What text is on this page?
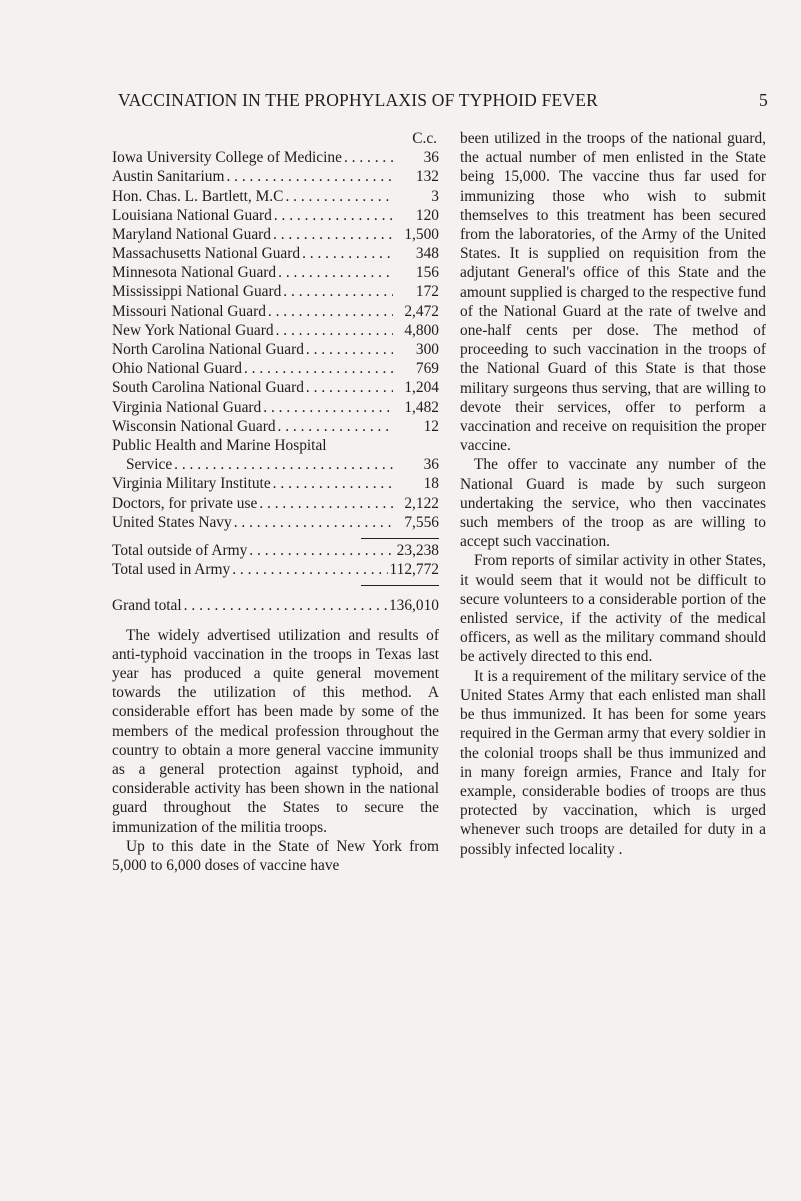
VACCINATION IN THE PROPHYLAXIS OF TYPHOID FEVER	5
C.c.
Iowa University College of Medicine . . .	36
Austin Sanitarium . . .	132
Hon. Chas. L. Bartlett, M.C . . .	3
Louisiana National Guard . . .	120
Maryland National Guard . . .	1,500
Massachusetts National Guard . . .	348
Minnesota National Guard . . .	156
Mississippi National Guard . . .	172
Missouri National Guard . . .	2,472
New York National Guard . . .	4,800
North Carolina National Guard . . .	300
Ohio National Guard . . .	769
South Carolina National Guard . . .	1,204
Virginia National Guard . . .	1,482
Wisconsin National Guard . . .	12
Public Health and Marine Hospital
Service . . .	36
Virginia Military Institute . . .	18
Doctors, for private use . . .	2,122
United States Navy . . .	7,556
Total outside of Army . . .	23,238
Total used in Army . . .	112,772
Grand total . . .	136,010

The widely advertised utilization and results of anti-typhoid vaccination in the troops in Texas last year has produced a quite general movement towards the utilization of this method. A considerable effort has been made by some of the members of the medical profession throughout the country to obtain a more general vaccine immunity as a general protection against typhoid, and considerable activity has been shown in the national guard throughout the States to secure the immunization of the militia troops.

Up to this date in the State of New York from 5,000 to 6,000 doses of vaccine have

been utilized in the troops of the national guard, the actual number of men enlisted in the State being 15,000. The vaccine thus far used for immunizing those who wish to submit themselves to this treatment has been secured from the laboratories, of the Army of the United States. It is supplied on requisition from the adjutant General's office of this State and the amount supplied is charged to the respective fund of the National Guard at the rate of twelve and one-half cents per dose. The method of proceeding to such vaccination in the troops of the National Guard of this State is that those military surgeons thus serving, that are willing to devote their services, offer to perform a vaccination and receive on requisition the proper vaccine.

The offer to vaccinate any number of the National Guard is made by such surgeon undertaking the service, who then vaccinates such members of the troop as are willing to accept such vaccination.

From reports of similar activity in other States, it would seem that it would not be difficult to secure volunteers to a considerable portion of the enlisted service, if the activity of the medical officers, as well as the military command should be actively directed to this end.

It is a requirement of the military service of the United States Army that each enlisted man shall be thus immunized. It has been for some years required in the German army that every soldier in the colonial troops shall be thus immunized and in many foreign armies, France and Italy for example, considerable bodies of troops are thus protected by vaccination, which is urged whenever such troops are detailed for duty in a possibly infected locality .
